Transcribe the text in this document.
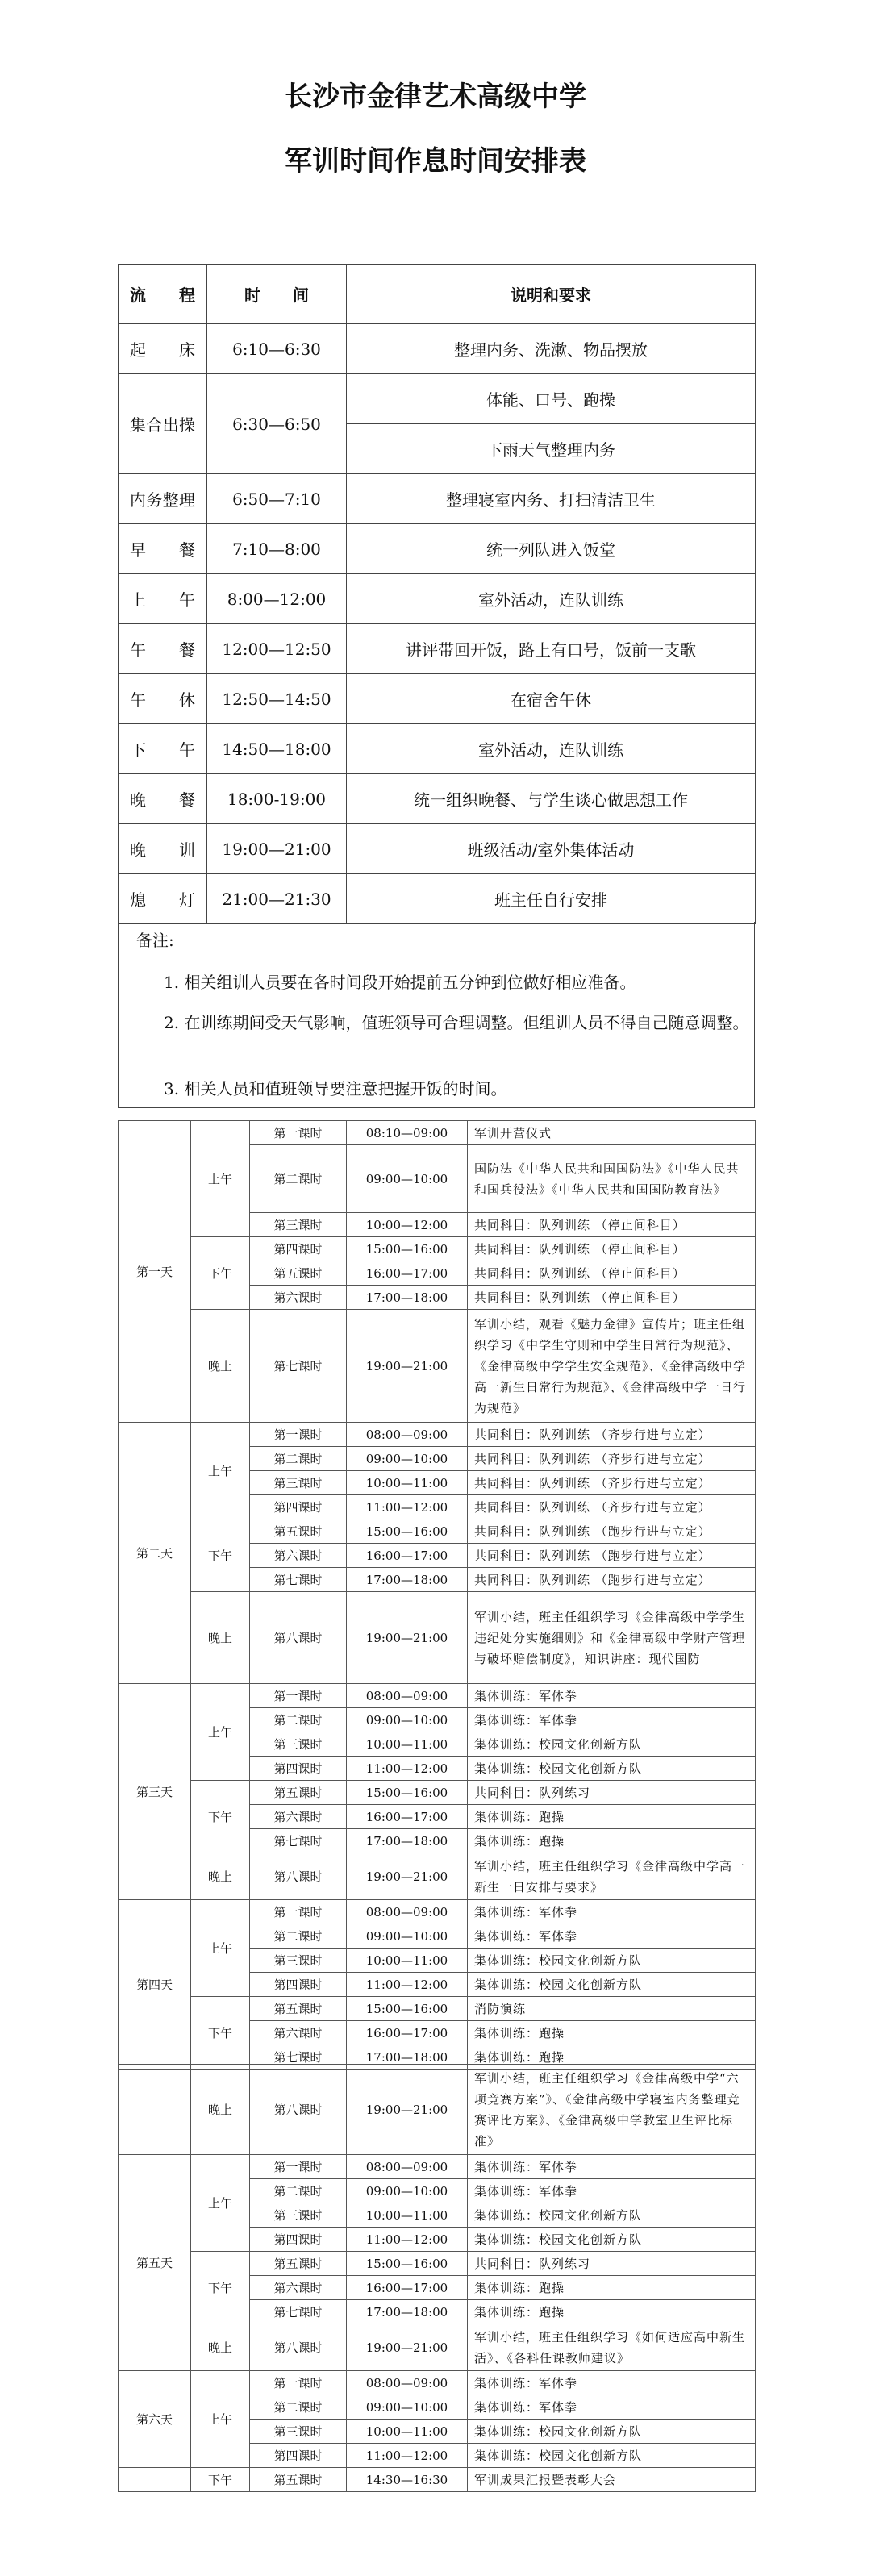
长沙市金律艺术高级中学
军训时间作息时间安排表
流　程	时　　间	说明和要求
起床	6:10—6:30	整理内务、洗漱、物品摆放
集合出操	6:30—6:50	体能、口号、跑操
		下雨天气整理内务
内务整理	6:50—7:10	整理寝室内务、打扫清洁卫生
早餐	7:10—8:00	统一列队进入饭堂
上午	8:00—12:00	室外活动，连队训练
午餐	12:00—12:50	讲评带回开饭，路上有口号，饭前一支歌
午休	12:50—14:50	在宿舍午休
下午	14:50—18:00	室外活动，连队训练
晚餐	18:00-19:00	统一组织晚餐、与学生谈心做思想工作
晚训	19:00—21:00	班级活动/室外集体活动
熄灯	21:00—21:30	班主任自行安排

备注:

1. 相关组训人员要在各时间段开始提前五分钟到位做好相应准备。

2. 在训练期间受天气影响，值班领导可合理调整。但组训人员不得自己随意调整。

3. 相关人员和值班领导要注意把握开饭的时间。

第一天	上午	第一课时	08:10—09:00	军训开营仪式
		第二课时	09:00—10:00	国防法《中华人民共和国国防法》《中华人民共和国兵役法》《中华人民共和国国防教育法》
		第三课时	10:00—12:00	共同科目：队列训练 （停止间科目）
	下午	第四课时	15:00—16:00	共同科目：队列训练 （停止间科目）
		第五课时	16:00—17:00	共同科目：队列训练 （停止间科目）
		第六课时	17:00—18:00	共同科目：队列训练 （停止间科目）
	晚上	第七课时	19:00—21:00	军训小结，观看《魅力金律》宣传片；班主任组织学习《中学生守则和中学生日常行为规范》、《金律高级中学学生安全规范》、《金律高级中学高一新生日常行为规范》、《金律高级中学一日行为规范》
第二天	上午	第一课时	08:00—09:00	共同科目：队列训练 （齐步行进与立定）
		第二课时	09:00—10:00	共同科目：队列训练 （齐步行进与立定）
		第三课时	10:00—11:00	共同科目：队列训练 （齐步行进与立定）
		第四课时	11:00—12:00	共同科目：队列训练 （齐步行进与立定）
	下午	第五课时	15:00—16:00	共同科目：队列训练 （跑步行进与立定）
		第六课时	16:00—17:00	共同科目：队列训练 （跑步行进与立定）
		第七课时	17:00—18:00	共同科目：队列训练 （跑步行进与立定）
	晚上	第八课时	19:00—21:00	军训小结，班主任组织学习《金律高级中学学生违纪处分实施细则》和《金律高级中学财产管理与破坏赔偿制度》，知识讲座：现代国防
第三天	上午	第一课时	08:00—09:00	集体训练：军体拳
		第二课时	09:00—10:00	集体训练：军体拳
		第三课时	10:00—11:00	集体训练：校园文化创新方队
		第四课时	11:00—12:00	集体训练：校园文化创新方队
	下午	第五课时	15:00—16:00	共同科目：队列练习
		第六课时	16:00—17:00	集体训练：跑操
		第七课时	17:00—18:00	集体训练：跑操
	晚上	第八课时	19:00—21:00	军训小结，班主任组织学习《金律高级中学高一新生一日安排与要求》
第四天	上午	第一课时	08:00—09:00	集体训练：军体拳
		第二课时	09:00—10:00	集体训练：军体拳
		第三课时	10:00—11:00	集体训练：校园文化创新方队
		第四课时	11:00—12:00	集体训练：校园文化创新方队
	下午	第五课时	15:00—16:00	消防演练
		第六课时	16:00—17:00	集体训练：跑操
		第七课时	17:00—18:00	集体训练：跑操
	晚上	第八课时	19:00—21:00	军训小结，班主任组织学习《金律高级中学“六项竞赛方案”》、《金律高级中学寝室内务整理竞赛评比方案》、《金律高级中学教室卫生评比标准》
第五天	上午	第一课时	08:00—09:00	集体训练：军体拳
		第二课时	09:00—10:00	集体训练：军体拳
		第三课时	10:00—11:00	集体训练：校园文化创新方队
		第四课时	11:00—12:00	集体训练：校园文化创新方队
	下午	第五课时	15:00—16:00	共同科目：队列练习
		第六课时	16:00—17:00	集体训练：跑操
		第七课时	17:00—18:00	集体训练：跑操
	晚上	第八课时	19:00—21:00	军训小结，班主任组织学习《如何适应高中新生活》、《各科任课教师建议》
第六天	上午	第一课时	08:00—09:00	集体训练：军体拳
		第二课时	09:00—10:00	集体训练：军体拳
		第三课时	10:00—11:00	集体训练：校园文化创新方队
		第四课时	11:00—12:00	集体训练：校园文化创新方队
	下午	第五课时	14:30—16:30	军训成果汇报暨表彰大会
